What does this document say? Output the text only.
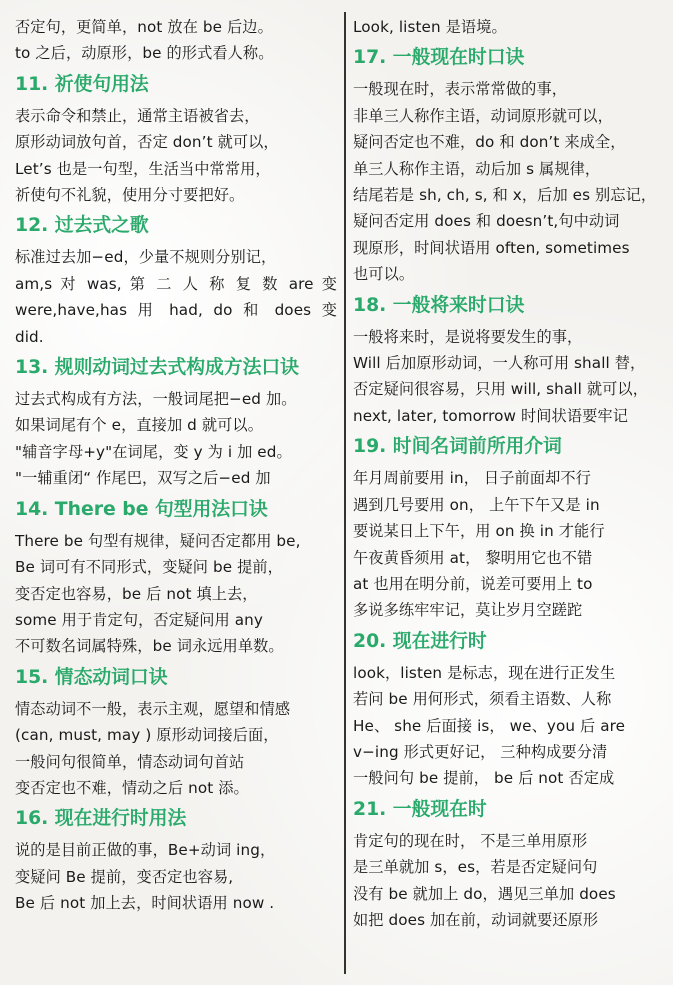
否定句，更简单，not 放在 be 后边。
to 之后，动原形，be 的形式看人称。
11. 祈使句用法
表示命令和禁止，通常主语被省去，
原形动词放句首，否定 don’t 就可以，
Let’s 也是一句型，生活当中常常用，
祈使句不礼貌，使用分寸要把好。
12. 过去式之歌
标准过去加−ed，少量不规则分别记，
am,s 对 was, 第 二 人 称 复 数 are 变
were,have,has 用 had, do 和 does 变
did.
13. 规则动词过去式构成方法口诀
过去式构成有方法，一般词尾把−ed 加。
如果词尾有个 e，直接加 d 就可以。
"辅音字母+y"在词尾，变 y 为 i 加 ed。
"一辅重闭“ 作尾巴，双写之后−ed 加
14. There be 句型用法口诀
There be 句型有规律，疑问否定都用 be,
Be 词可有不同形式，变疑问 be 提前，
变否定也容易，be 后 not 填上去，
some 用于肯定句，否定疑问用 any
不可数名词属特殊，be 词永远用单数。
15. 情态动词口诀
情态动词不一般，表示主观，愿望和情感
(can, must, may ) 原形动词接后面，
一般问句很简单，情态动词句首站
变否定也不难，情动之后 not 添。
16. 现在进行时用法
说的是目前正做的事，Be+动词 ing，
变疑问 Be 提前，变否定也容易,
Be 后 not 加上去，时间状语用 now .
Look, listen 是语境。
17. 一般现在时口诀
一般现在时，表示常常做的事，
非单三人称作主语，动词原形就可以，
疑问否定也不难，do 和 don’t 来成全，
单三人称作主语，动后加 s 属规律，
结尾若是 sh, ch, s, 和 x，后加 es 别忘记，
疑问否定用 does 和 doesn’t,句中动词
现原形，时间状语用 often, sometimes
也可以。
18. 一般将来时口诀
一般将来时，是说将要发生的事，
Will 后加原形动词，一人称可用 shall 替，
否定疑问很容易，只用 will, shall 就可以，
next, later, tomorrow 时间状语要牢记
19. 时间名词前所用介词
年月周前要用 in， 日子前面却不行
遇到几号要用 on， 上午下午又是 in
要说某日上下午，用 on 换 in 才能行
午夜黄昏须用 at， 黎明用它也不错
at 也用在明分前，说差可要用上 to
多说多练牢牢记，莫让岁月空蹉跎
20. 现在进行时
look，listen 是标志，现在进行正发生
若问 be 用何形式，须看主语数、人称
He、 she 后面接 is， we、you 后 are
v−ing 形式更好记， 三种构成要分清
一般问句 be 提前， be 后 not 否定成
21. 一般现在时
肯定句的现在时， 不是三单用原形
是三单就加 s，es，若是否定疑问句
没有 be 就加上 do，遇见三单加 does
如把 does 加在前，动词就要还原形
